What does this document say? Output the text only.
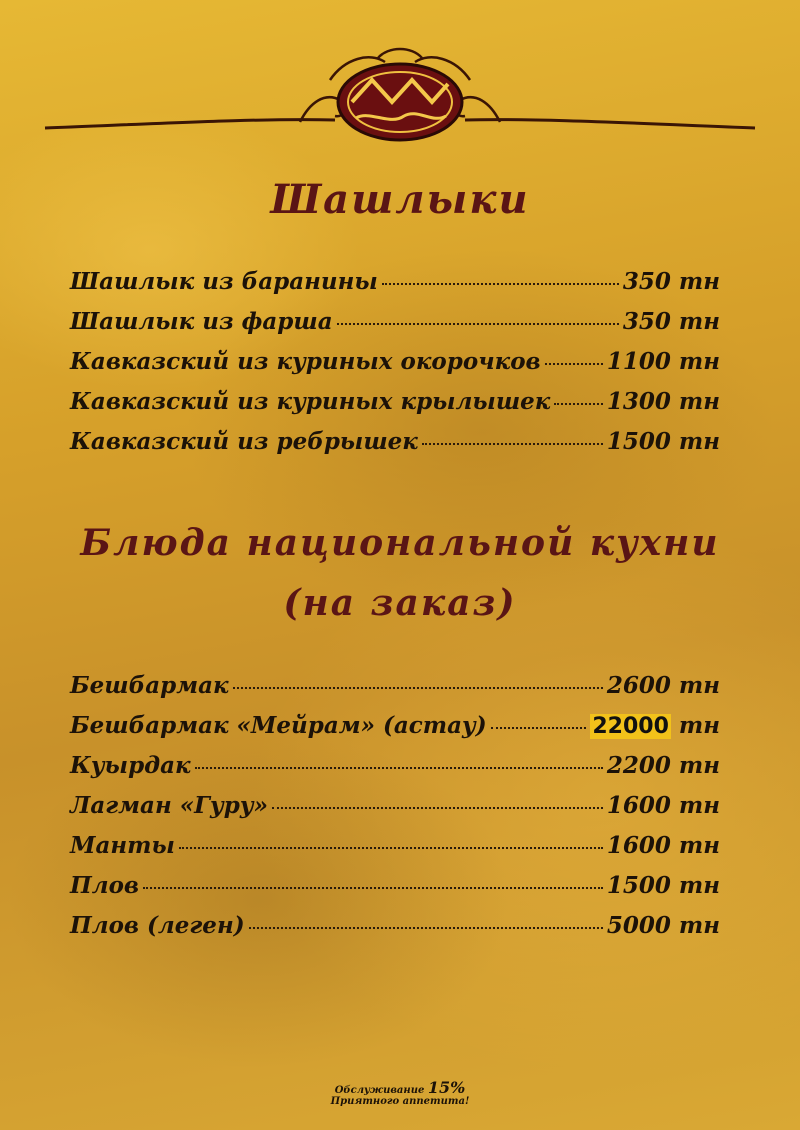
Шашлыки
Шашлык из баранины	350 тн
Шашлык из фарша	350 тн
Кавказский из куриных окорочков	1100 тн
Кавказский из куриных крылышек 1300 тн
Кавказский из ребрышек	1500 тн
Блюда национальной кухни
(на заказ)
Бешбармак	2600 тн
Бешбармак «Мейрам» (астау)	22000 тн
Куырдак	2200 тн
Лагман «Гуру»	1600 тн
Манты	1600 тн
Плов	1500 тн
Плов (леген)	5000 тн
Обслуживание 15%
Приятного аппетита!
